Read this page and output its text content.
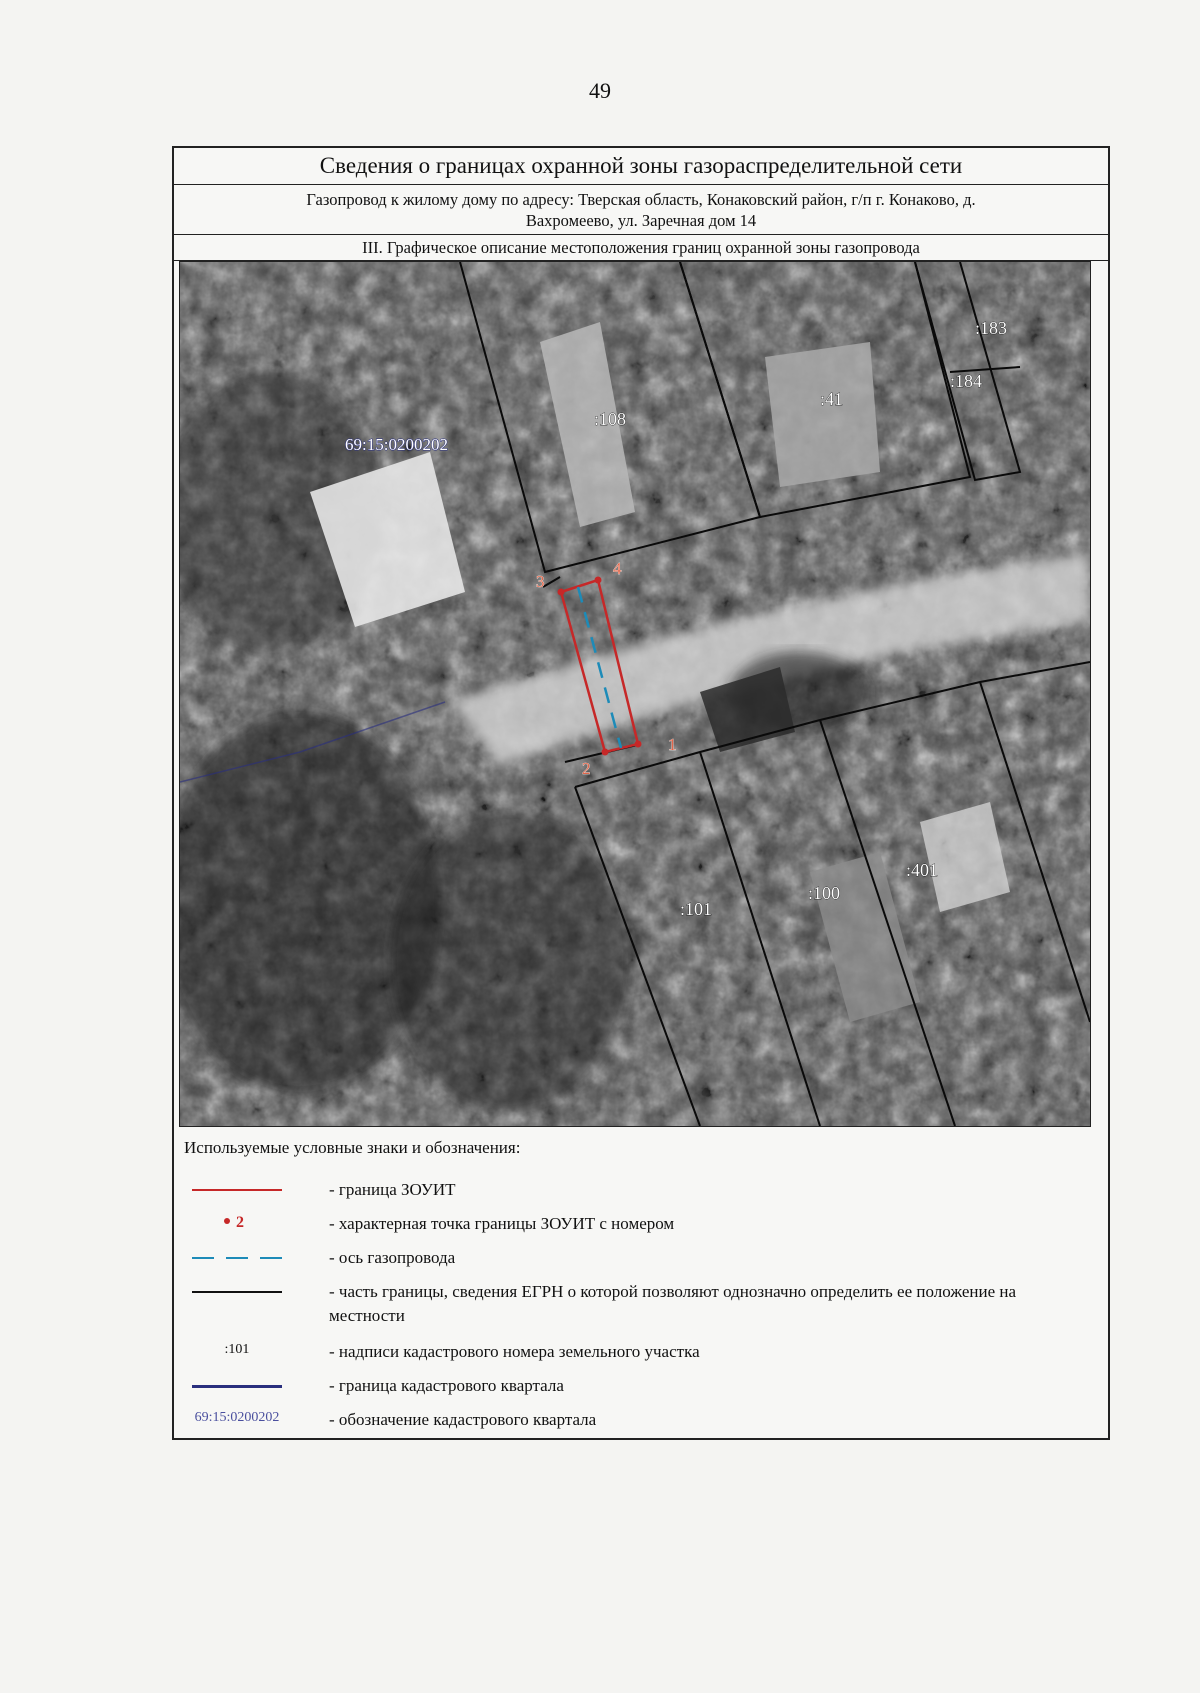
49
Сведения о границах охранной зоны газораспределительной сети
Газопровод к жилому дому по адресу: Тверская область, Конаковский район, г/п г. Конаково, д.
Вахромеево, ул. Заречная дом 14
III. Графическое описание местоположения границ охранной зоны газопровода
1
2
3
4
:108
:41
:183
:184
:101
:100
:401
69:15:0200202
Используемые условные знаки и обозначения:
- граница ЗОУИТ
2	- характерная точка границы ЗОУИТ с номером
- ось газопровода
- часть границы, сведения ЕГРН о которой позволяют однозначно определить ее положение на местности
:101	- надписи кадастрового номера земельного участка
- граница кадастрового квартала
69:15:0200202	- обозначение кадастрового квартала
